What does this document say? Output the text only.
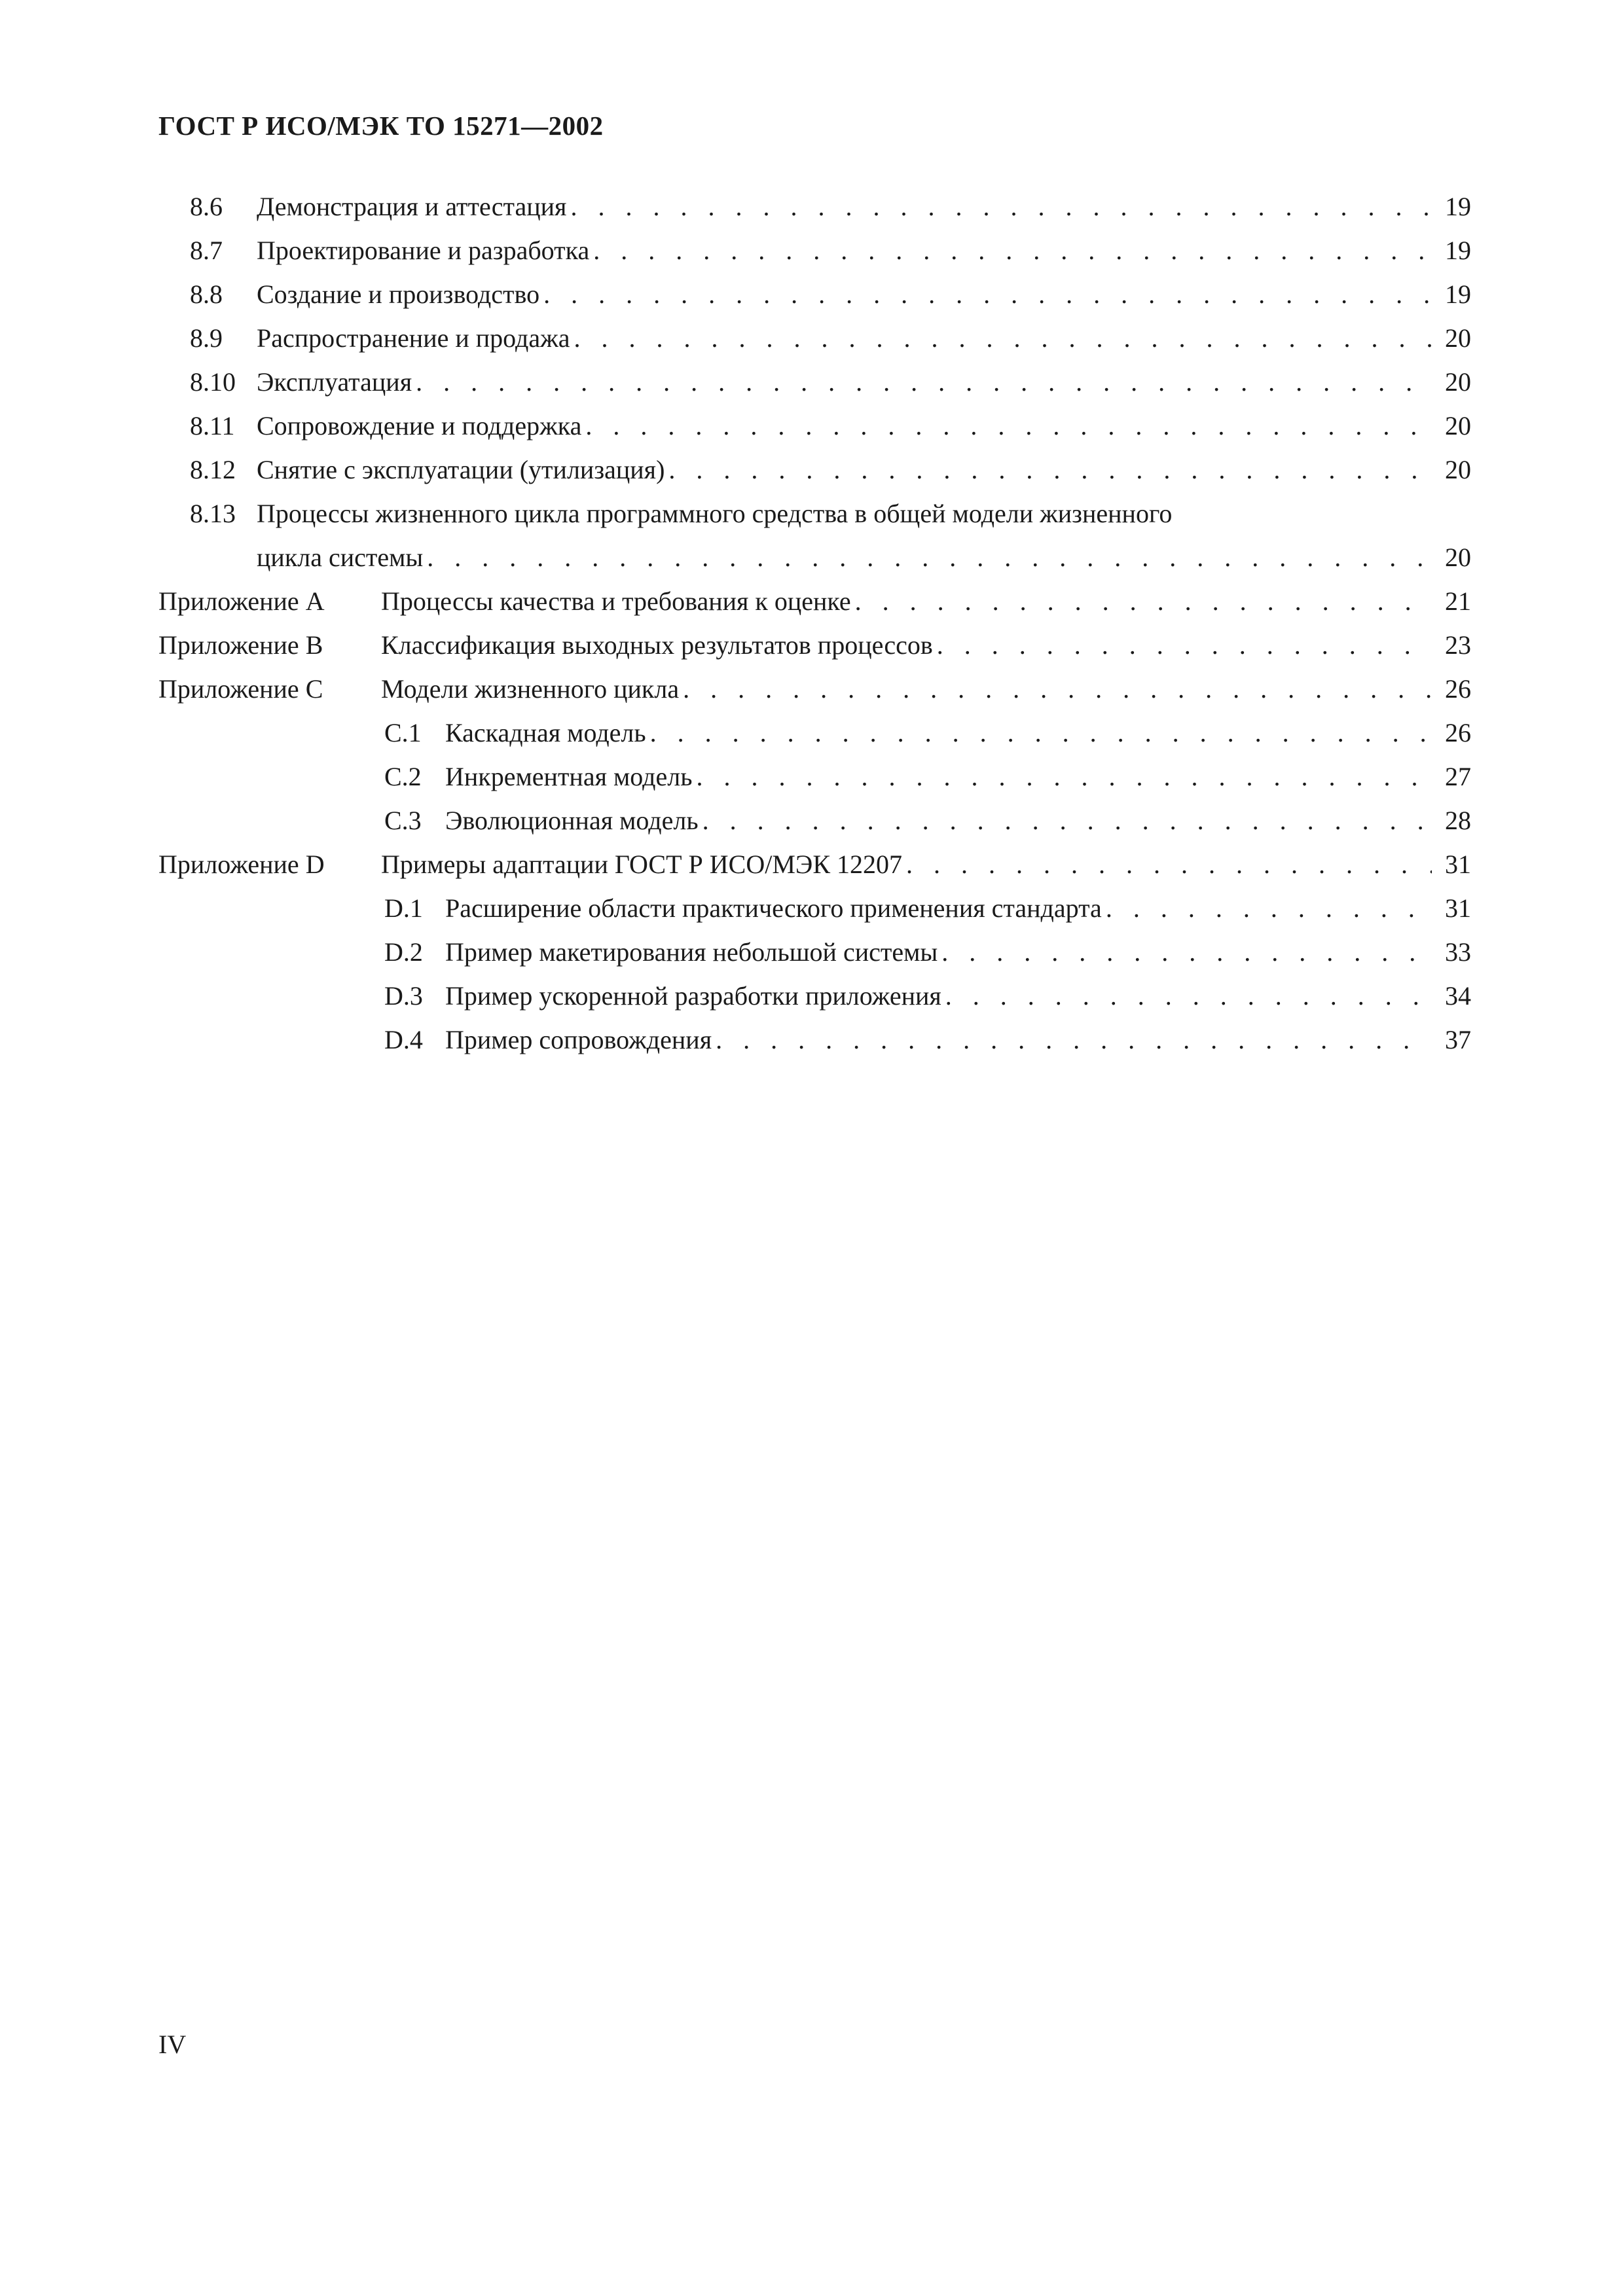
ГОСТ Р ИСО/МЭК ТО 15271—2002
8.6	Демонстрация и аттестация . . .	19
8.7	Проектирование и разработка . . .	19
8.8	Создание и производство . . .	19
8.9	Распространение и продажа . . .	20
8.10 Эксплуатация . . .	20
8.11 Сопровождение и поддержка . . .	20
8.12 Снятие с эксплуатации (утилизация) . . .	20
8.13 Процессы жизненного цикла программного средства в общей модели жизненного
цикла системы . . .	20
Приложение A	Процессы качества и требования к оценке . . .	21
Приложение B	Классификация выходных результатов процессов . . .	23
Приложение C	Модели жизненного цикла . . .	26
C.1 Каскадная модель . . .	26
C.2 Инкрементная модель . . .	27
C.3 Эволюционная модель . . .	28
Приложение D	Примеры адаптации ГОСТ Р ИСО/МЭК 12207 . . .	31
D.1 Расширение области практического применения стандарта . . .	31
D.2 Пример макетирования небольшой системы . . .	33
D.3 Пример ускоренной разработки приложения . . .	34
D.4 Пример сопровождения . . .	37
IV
